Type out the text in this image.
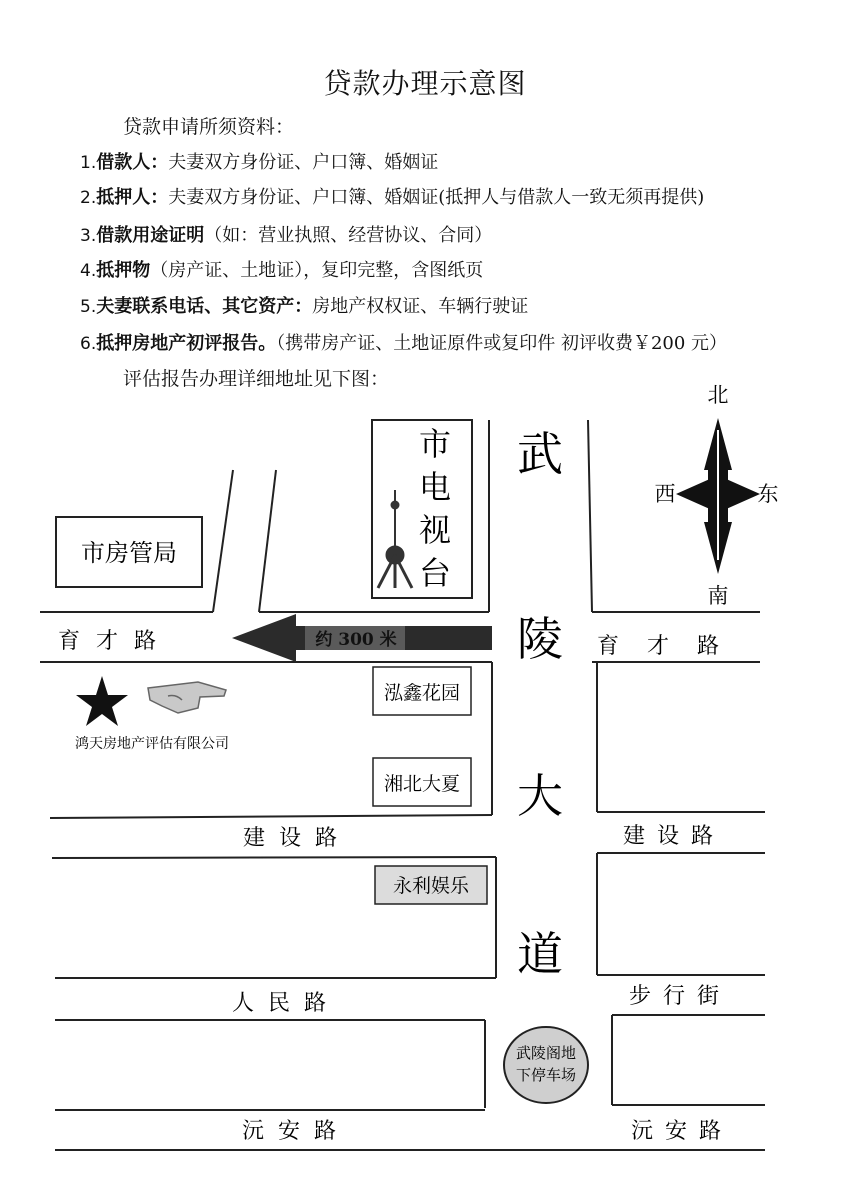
贷款办理示意图
贷款申请所须资料：
1.借款人：夫妻双方身份证、户口簿、婚姻证
2.抵押人：夫妻双方身份证、户口簿、婚姻证(抵押人与借款人一致无须再提供)
3.借款用途证明（如：营业执照、经营协议、合同）
4.抵押物（房产证、土地证），复印完整，含图纸页
5.夫妻联系电话、其它资产：房地产权权证、车辆行驶证
6.抵押房地产初评报告。（携带房产证、土地证原件或复印件 初评收费￥200 元）
评估报告办理详细地址见下图：
市房管局
市
电
视
台
武
陵
大
道
北
南
西	东
约 300 米
育才路	育才路
建设路	建设路
人民路	步行街
沅安路	沅安路
鸿天房地产评估有限公司
泓鑫花园
湘北大夏
永利娱乐
武陵阁地
下停车场
